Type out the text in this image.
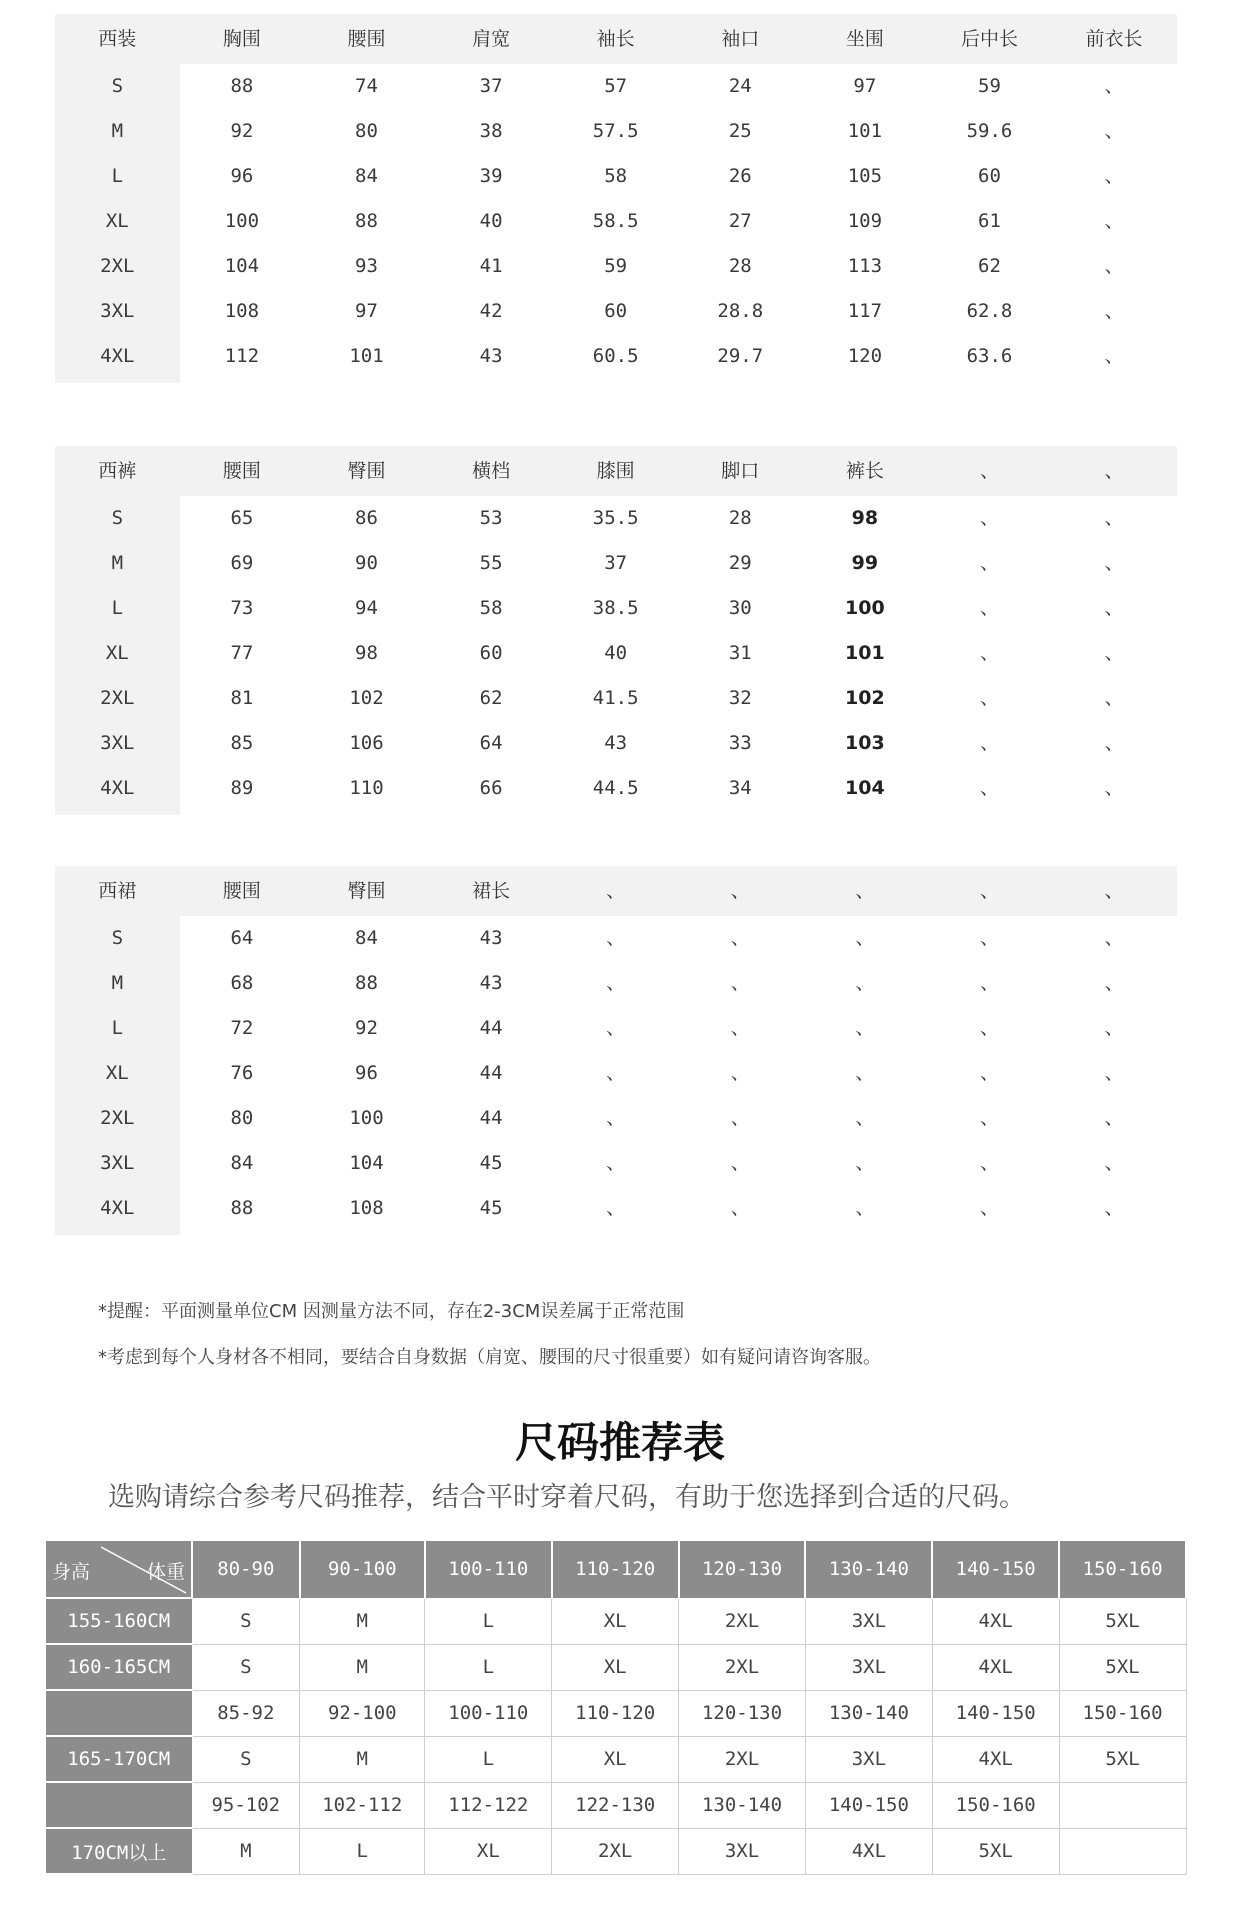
西装	胸围	腰围	肩宽	袖长	袖口	坐围	后中长	前衣长
S	88	74	37	57	24	97	59	、
M	92	80	38	57.5	25	101	59.6	、
L	96	84	39	58	26	105	60	、
XL	100	88	40	58.5	27	109	61	、
2XL	104	93	41	59	28	113	62	、
3XL	108	97	42	60	28.8	117	62.8	、
4XL	112	101	43	60.5	29.7	120	63.6	、
西裤	腰围	臀围	横档	膝围	脚口	裤长	、	、
S	65	86	53	35.5	28	98	、	、
M	69	90	55	37	29	99	、	、
L	73	94	58	38.5	30	100	、	、
XL	77	98	60	40	31	101	、	、
2XL	81	102	62	41.5	32	102	、	、
3XL	85	106	64	43	33	103	、	、
4XL	89	110	66	44.5	34	104	、	、
西裙	腰围	臀围	裙长	、	、	、	、	、
S	64	84	43	、	、	、	、	、
M	68	88	43	、	、	、	、	、
L	72	92	44	、	、	、	、	、
XL	76	96	44	、	、	、	、	、
2XL	80	100	44	、	、	、	、	、
3XL	84	104	45	、	、	、	、	、
4XL	88	108	45	、	、	、	、	、
*提醒：平面测量单位CM 因测量方法不同，存在2-3CM误差属于正常范围
*考虑到每个人身材各不相同，要结合自身数据（肩宽、腰围的尺寸很重要）如有疑问请咨询客服。
尺码推荐表
选购请综合参考尺码推荐，结合平时穿着尺码，有助于您选择到合适的尺码。
身高 体重	80-90	90-100	100-110	110-120	120-130	130-140	140-150	150-160
155-160CM	S	M	L	XL	2XL	3XL	4XL	5XL
160-165CM	S	M	L	XL	2XL	3XL	4XL	5XL
	85-92	92-100	100-110	110-120	120-130	130-140	140-150	150-160
165-170CM	S	M	L	XL	2XL	3XL	4XL	5XL
	95-102	102-112	112-122	122-130	130-140	140-150	150-160	
170CM以上	M	L	XL	2XL	3XL	4XL	5XL	
